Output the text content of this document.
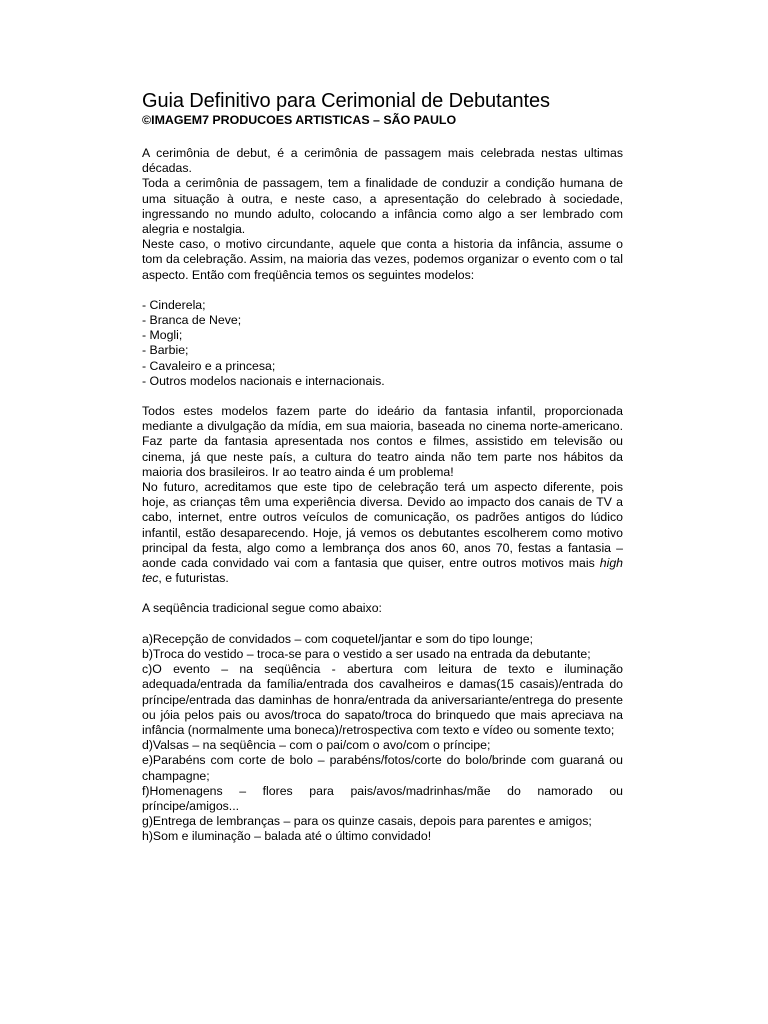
Guia Definitivo para Cerimonial de Debutantes

©IMAGEM7 PRODUCOES ARTISTICAS – SÃO PAULO

A cerimônia de debut, é a cerimônia de passagem mais celebrada nestas ultimas décadas.

Toda a cerimônia de passagem, tem a finalidade de conduzir a condição humana de uma situação à outra, e neste caso, a apresentação do celebrado à sociedade, ingressando no mundo adulto, colocando a infância como algo a ser lembrado com alegria e nostalgia.

Neste caso, o motivo circundante, aquele que conta a historia da infância, assume o tom da celebração. Assim, na maioria das vezes, podemos organizar o evento com o tal aspecto. Então com freqüência temos os seguintes modelos:

- Cinderela;
- Branca de Neve;
- Mogli;
- Barbie;
- Cavaleiro e a princesa;
- Outros modelos nacionais e internacionais.

Todos estes modelos fazem parte do ideário da fantasia infantil, proporcionada mediante a divulgação da mídia, em sua maioria, baseada no cinema norte-americano. Faz parte da fantasia apresentada nos contos e filmes, assistido em televisão ou cinema, já que neste país, a cultura do teatro ainda não tem parte nos hábitos da maioria dos brasileiros. Ir ao teatro ainda é um problema!

No futuro, acreditamos que este tipo de celebração terá um aspecto diferente, pois hoje, as crianças têm uma experiência diversa. Devido ao impacto dos canais de TV a cabo, internet, entre outros veículos de comunicação, os padrões antigos do lúdico infantil, estão desaparecendo. Hoje, já vemos os debutantes escolherem como motivo principal da festa, algo como a lembrança dos anos 60, anos 70, festas a fantasia – aonde cada convidado vai com a fantasia que quiser, entre outros motivos mais high tec, e futuristas.

A seqüência tradicional segue como abaixo:

a)Recepção de convidados – com coquetel/jantar e som do tipo lounge;

b)Troca do vestido – troca-se para o vestido a ser usado na entrada da debutante;

c)O evento – na seqüência - abertura com leitura de texto e iluminação adequada/entrada da família/entrada dos cavalheiros e damas(15 casais)/entrada do príncipe/entrada das daminhas de honra/entrada da aniversariante/entrega do presente ou jóia pelos pais ou avos/troca do sapato/troca do brinquedo que mais apreciava na infância (normalmente uma boneca)/retrospectiva com texto e vídeo ou somente texto;

d)Valsas – na seqüência – com o pai/com o avo/com o príncipe;

e)Parabéns com corte de bolo – parabéns/fotos/corte do bolo/brinde com guaraná ou champagne;

f)Homenagens – flores para pais/avos/madrinhas/mãe do namorado ou príncipe/amigos...

g)Entrega de lembranças – para os quinze casais, depois para parentes e amigos;

h)Som e iluminação – balada até o último convidado!
